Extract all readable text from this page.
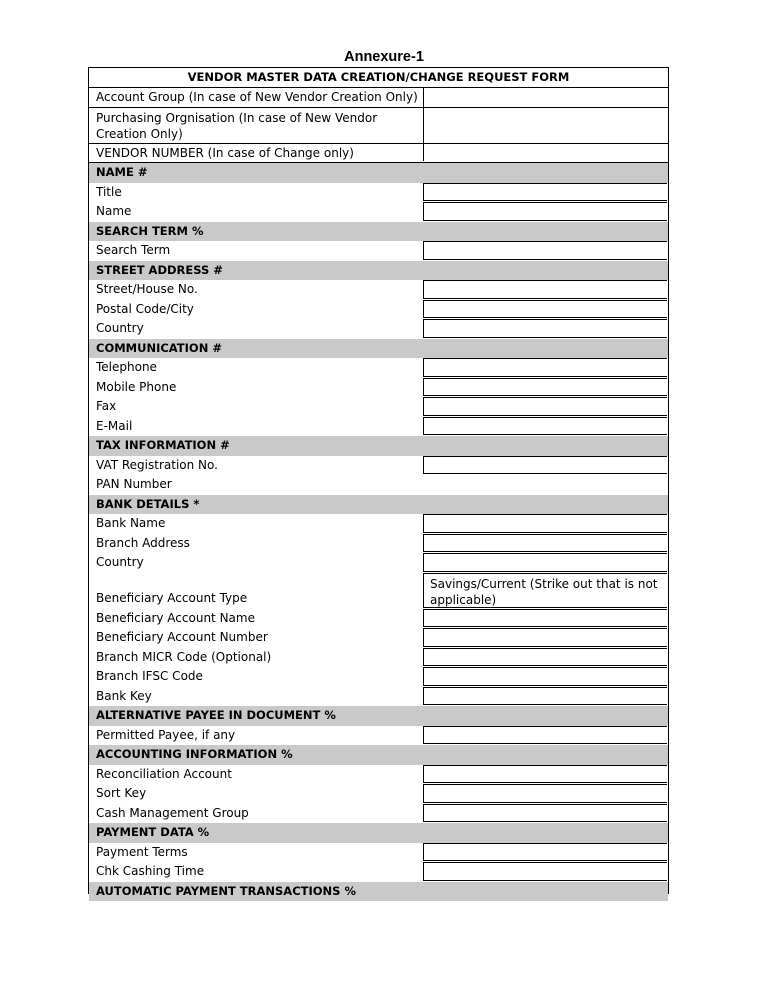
Annexure-1
VENDOR MASTER DATA CREATION/CHANGE REQUEST FORM
Account Group (In case of New Vendor Creation Only)
Purchasing Orgnisation (In case of New Vendor Creation Only)
VENDOR NUMBER (In case of Change only)
NAME #
Title
Name
SEARCH TERM %
Search Term
STREET ADDRESS #
Street/House No.
Postal Code/City
Country
COMMUNICATION #
Telephone
Mobile Phone
Fax
E-Mail
TAX INFORMATION #
VAT Registration No.
PAN Number
BANK DETAILS *
Bank Name
Branch Address
Country
Beneficiary Account Type
Savings/Current (Strike out that is not applicable)
Beneficiary Account Name
Beneficiary Account Number
Branch MICR Code (Optional)
Branch IFSC Code
Bank Key
ALTERNATIVE PAYEE IN DOCUMENT %
Permitted Payee, if any
ACCOUNTING INFORMATION %
Reconciliation Account
Sort Key
Cash Management Group
PAYMENT DATA %
Payment Terms
Chk Cashing Time
AUTOMATIC PAYMENT TRANSACTIONS %
